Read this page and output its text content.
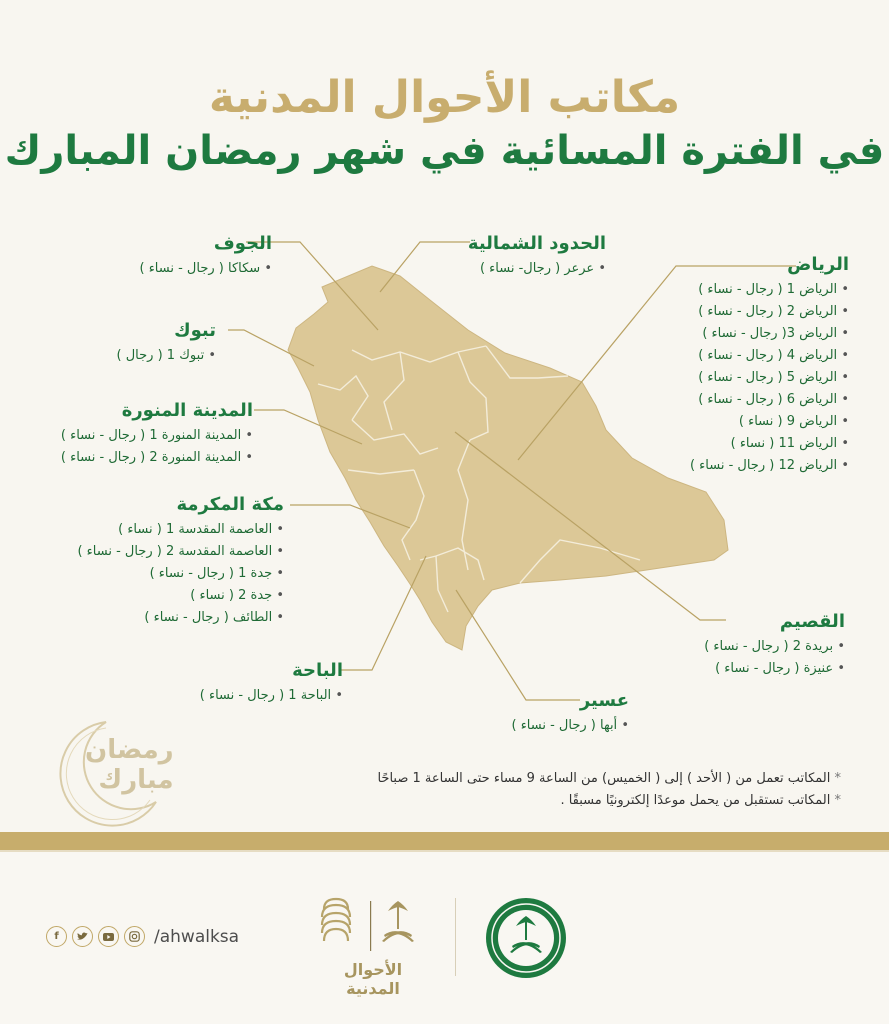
مكاتب الأحوال المدنية
في الفترة المسائية في شهر رمضان المبارك
الجوف
• سكاكا ( رجال - نساء )
الحدود الشمالية
• عرعر ( رجال- نساء )	الرياض
• الرياض 1 ( رجال - نساء )
• الرياض 2 ( رجال - نساء )
• الرياض 3( رجال - نساء )
• الرياض 4 ( رجال - نساء )
• الرياض 5 ( رجال - نساء )
• الرياض 6 ( رجال - نساء )
• الرياض 9 ( نساء )
• الرياض 11 ( نساء )
• الرياض 12 ( رجال - نساء )
تبوك
• تبوك 1 ( رجال )
المدينة المنورة
• المدينة المنورة 1 ( رجال - نساء )
• المدينة المنورة 2 ( رجال - نساء )
مكة المكرمة
• العاصمة المقدسة 1 ( نساء )
• العاصمة المقدسة 2 ( رجال - نساء )
• جدة 1 ( رجال - نساء )
• جدة 2 ( نساء )
• الطائف ( رجال - نساء )	القصيم
• بريدة 2 ( رجال - نساء )
• عنيزة ( رجال - نساء )
الباحة
• الباحة 1 ( رجال - نساء )	عسير
• أبها ( رجال - نساء )
رمضان
مبارك

*	المكاتب تعمل من ( الأحد ) إلى ( الخميس) من الساعة 9 مساء حتى الساعة 1 صباحًا

* المكاتب تستقبل من يحمل موعدًا إلكترونيًا مسبقًا .

f	/ahwalksa
الأحوال المدنية
